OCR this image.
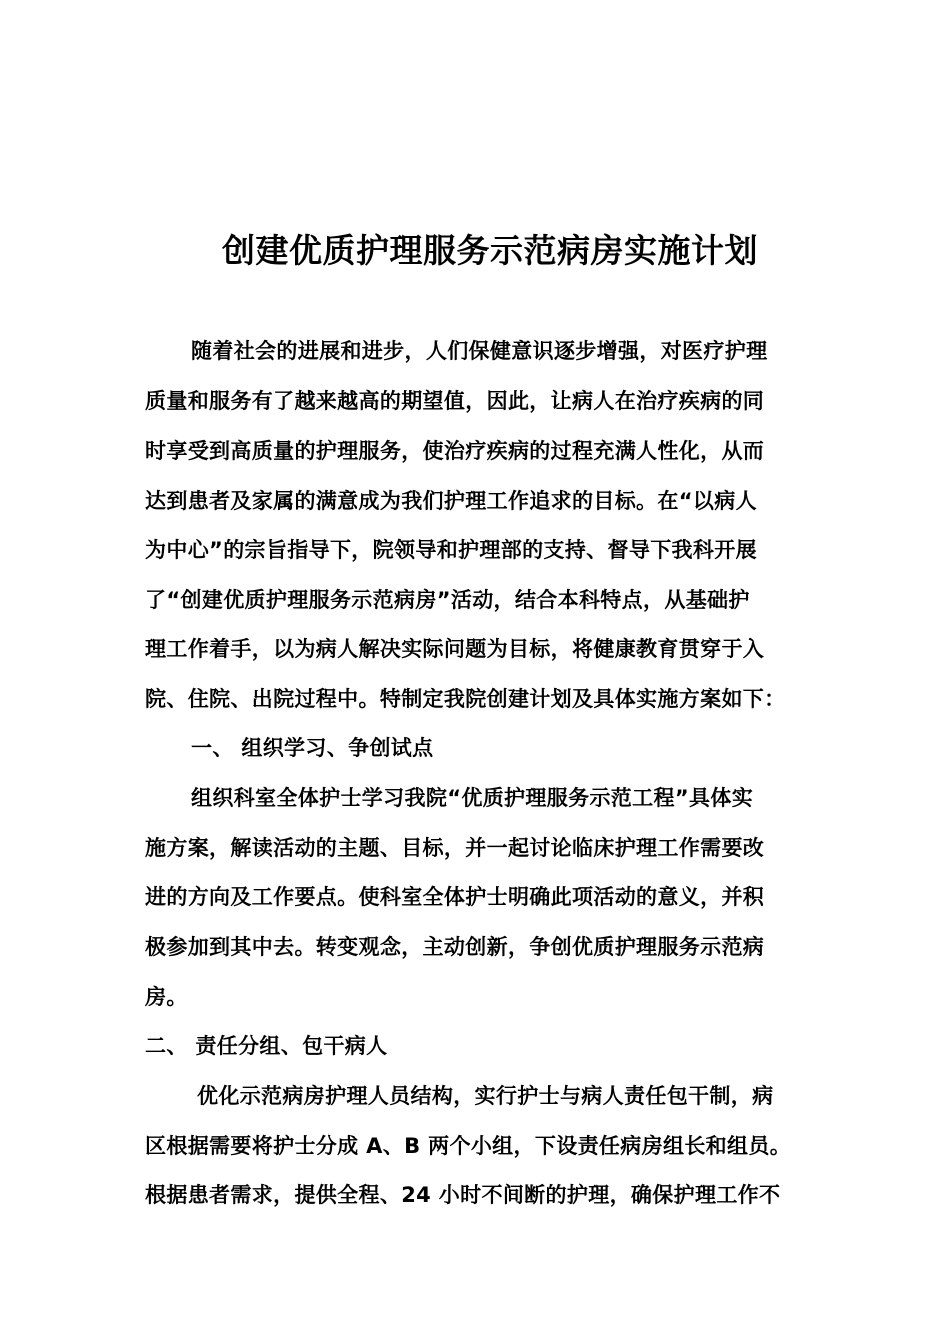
创建优质护理服务示范病房实施计划
随着社会的进展和进步，人们保健意识逐步增强，对医疗护理
质量和服务有了越来越高的期望值，因此，让病人在治疗疾病的同
时享受到高质量的护理服务，使治疗疾病的过程充满人性化，从而
达到患者及家属的满意成为我们护理工作追求的目标。在“以病人
为中心”的宗旨指导下，院领导和护理部的支持、督导下我科开展
了“创建优质护理服务示范病房”活动，结合本科特点，从基础护
理工作着手，以为病人解决实际问题为目标，将健康教育贯穿于入
院、住院、出院过程中。特制定我院创建计划及具体实施方案如下：
一、 组织学习、争创试点
组织科室全体护士学习我院“优质护理服务示范工程”具体实
施方案，解读活动的主题、目标，并一起讨论临床护理工作需要改
进的方向及工作要点。使科室全体护士明确此项活动的意义，并积
极参加到其中去。转变观念，主动创新，争创优质护理服务示范病
房。
二、 责任分组、包干病人
优化示范病房护理人员结构，实行护士与病人责任包干制，病
区根据需要将护士分成 A、B 两个小组，下设责任病房组长和组员。
根据患者需求，提供全程、24 小时不间断的护理，确保护理工作不
